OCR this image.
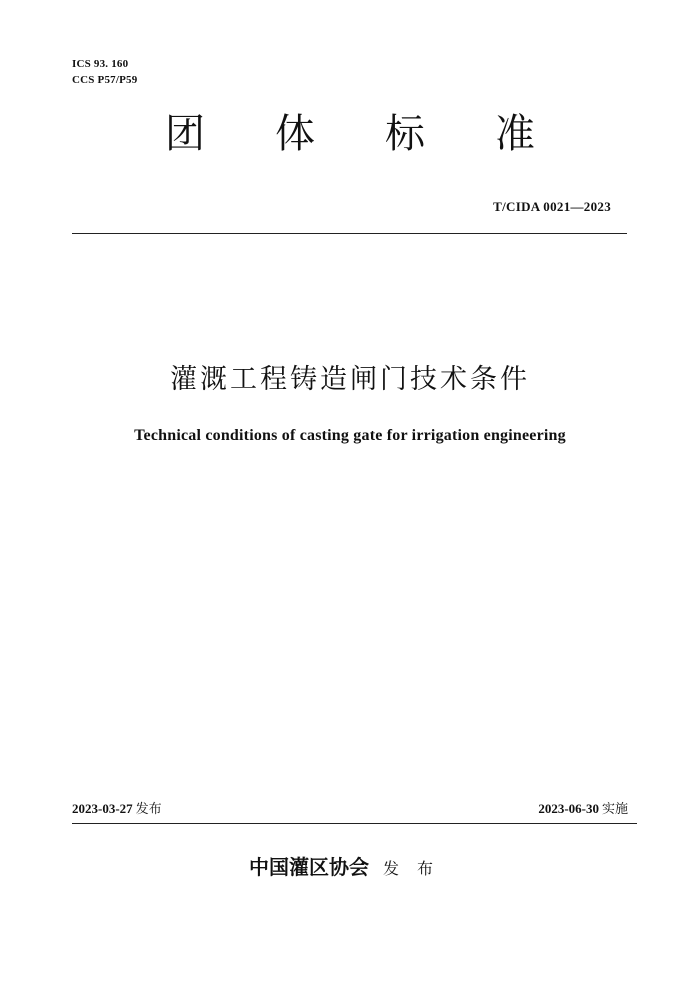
ICS 93. 160
CCS P57/P59
团 体 标 准
T/CIDA 0021—2023
灌溉工程铸造闸门技术条件
Technical conditions of casting gate for irrigation engineering
2023-03-27 发布	2023-06-30 实施
中国灌区协会 发布
